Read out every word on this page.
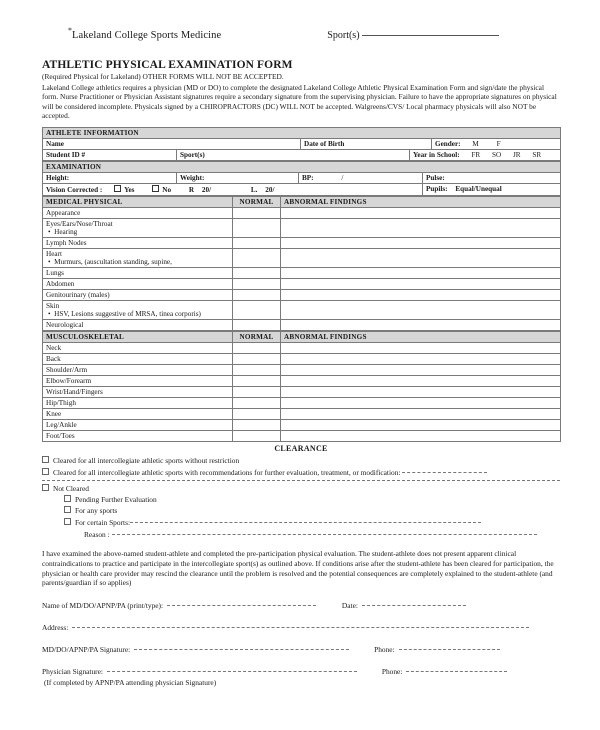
* Lakeland College Sports Medicine	Sport(s)
ATHLETIC PHYSICAL EXAMINATION FORM
(Required Physical for Lakeland) OTHER FORMS WILL NOT BE ACCEPTED.
Lakeland College athletics requires a physician (MD or DO) to complete the designated Lakeland College Athletic Physical Examination Form and sign/date the physical form. Nurse Practitioner or Physician Assistant signatures require a secondary signature from the supervising physician. Failure to have the appropriate signatures on physical will be considered incomplete. Physicals signed by a CHIROPRACTORS (DC) WILL NOT be accepted. Walgreens/CVS/ Local pharmacy physicals will also NOT be accepted.
ATHLETE INFORMATION				
Name		Date of Birth		Gender: M F
Student ID #	Sport(s)		Year in School: FR SO JR SR	
EXAMINATION			
Height:	Weight:	BP: /	Pulse:
Vision Corrected : Yes No R 20/ L. 20/			Pupils: Equal/Unequal
MEDICAL PHYSICAL	NORMAL	ABNORMAL FINDINGS
Appearance		
Eyes/Ears/Nose/Throat
•  Hearing

Lymph Nodes		
Heart
•  Murmurs, (auscultation standing, supine,

Lungs		
Abdomen		
Genitourinary (males)		
Skin
•  HSV, Lesions suggestive of MRSA, tinea corporis)

Neurological		
MUSCULOSKELETAL	NORMAL	ABNORMAL FINDINGS
Neck		
Back		
Shoulder/Arm		
Elbow/Forearm		
Wrist/Hand/Fingers		
Hip/Thigh		
Knee		
Leg/Ankle		
Foot/Toes		
CLEARANCE
Cleared for all intercollegiate athletic sports without restriction
Cleared for all intercollegiate athletic sports with recommendations for further evaluation, treatment, or modification:
Not Cleared
Pending Further Evaluation
For any sports
For certain Sports:
Reason :
I have examined the above-named student-athlete and completed the pre-participation physical evaluation. The student-athlete does not present apparent clinical contraindications to practice and participate in the intercollegiate sport(s) as outlined above. If conditions arise after the student-athlete has been cleared for participation, the physician or health care provider may rescind the clearance until the problem is resolved and the potential consequences are completely explained to the student-athlete (and parents/guardian if so applies)
Name of MD/DO/APNP/PA (print/type):	Date:
Address:
MD/DO/APNP/PA Signature:	Phone:
Physician Signature:	Phone:
(If completed by APNP/PA attending physician Signature)
